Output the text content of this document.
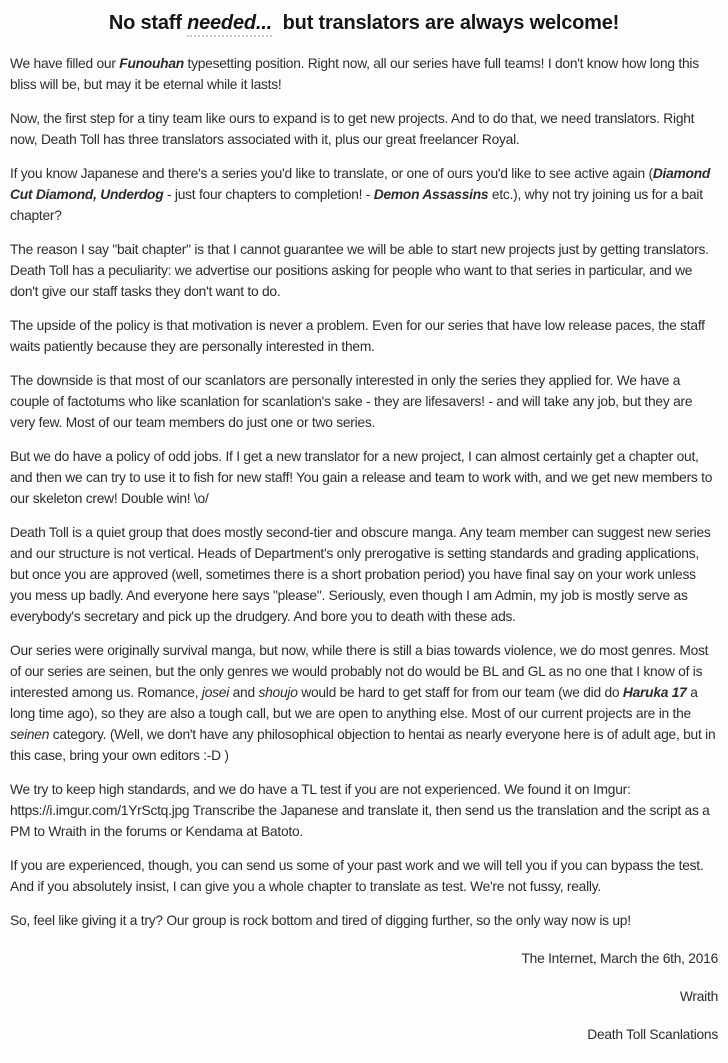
No staff needed...  but translators are always welcome!

We have filled our Funouhan typesetting position. Right now, all our series have full teams! I don't know how long this bliss will be, but may it be eternal while it lasts!

Now, the first step for a tiny team like ours to expand is to get new projects. And to do that, we need translators. Right now, Death Toll has three translators associated with it, plus our great freelancer Royal.

If you know Japanese and there's a series you'd like to translate, or one of ours you'd like to see active again (Diamond Cut Diamond, Underdog - just four chapters to completion! - Demon Assassins etc.), why not try joining us for a bait chapter?

The reason I say "bait chapter" is that I cannot guarantee we will be able to start new projects just by getting translators. Death Toll has a peculiarity: we advertise our positions asking for people who want to that series in particular, and we don't give our staff tasks they don't want to do.

The upside of the policy is that motivation is never a problem. Even for our series that have low release paces, the staff waits patiently because they are personally interested in them.

The downside is that most of our scanlators are personally interested in only the series they applied for. We have a couple of factotums who like scanlation for scanlation's sake - they are lifesavers! - and will take any job, but they are very few. Most of our team members do just one or two series.

But we do have a policy of odd jobs. If I get a new translator for a new project, I can almost certainly get a chapter out, and then we can try to use it to fish for new staff! You gain a release and team to work with, and we get new members to our skeleton crew! Double win! \o/

Death Toll is a quiet group that does mostly second-tier and obscure manga. Any team member can suggest new series and our structure is not vertical. Heads of Department's only prerogative is setting standards and grading applications, but once you are approved (well, sometimes there is a short probation period) you have final say on your work unless you mess up badly. And everyone here says "please". Seriously, even though I am Admin, my job is mostly serve as everybody's secretary and pick up the drudgery. And bore you to death with these ads.

Our series were originally survival manga, but now, while there is still a bias towards violence, we do most genres. Most of our series are seinen, but the only genres we would probably not do would be BL and GL as no one that I know of is interested among us. Romance, josei and shoujo would be hard to get staff for from our team (we did do Haruka 17 a long time ago), so they are also a tough call, but we are open to anything else. Most of our current projects are in the seinen category. (Well, we don't have any philosophical objection to hentai as nearly everyone here is of adult age, but in this case, bring your own editors :-D )

We try to keep high standards, and we do have a TL test if you are not experienced. We found it on Imgur: https://i.imgur.com/1YrSctq.jpg Transcribe the Japanese and translate it, then send us the translation and the script as a PM to Wraith in the forums or Kendama at Batoto.

If you are experienced, though, you can send us some of your past work and we will tell you if you can bypass the test. And if you absolutely insist, I can give you a whole chapter to translate as test. We're not fussy, really.

So, feel like giving it a try? Our group is rock bottom and tired of digging further, so the only way now is up!

The Internet, March the 6th, 2016

Wraith

Death Toll Scanlations
